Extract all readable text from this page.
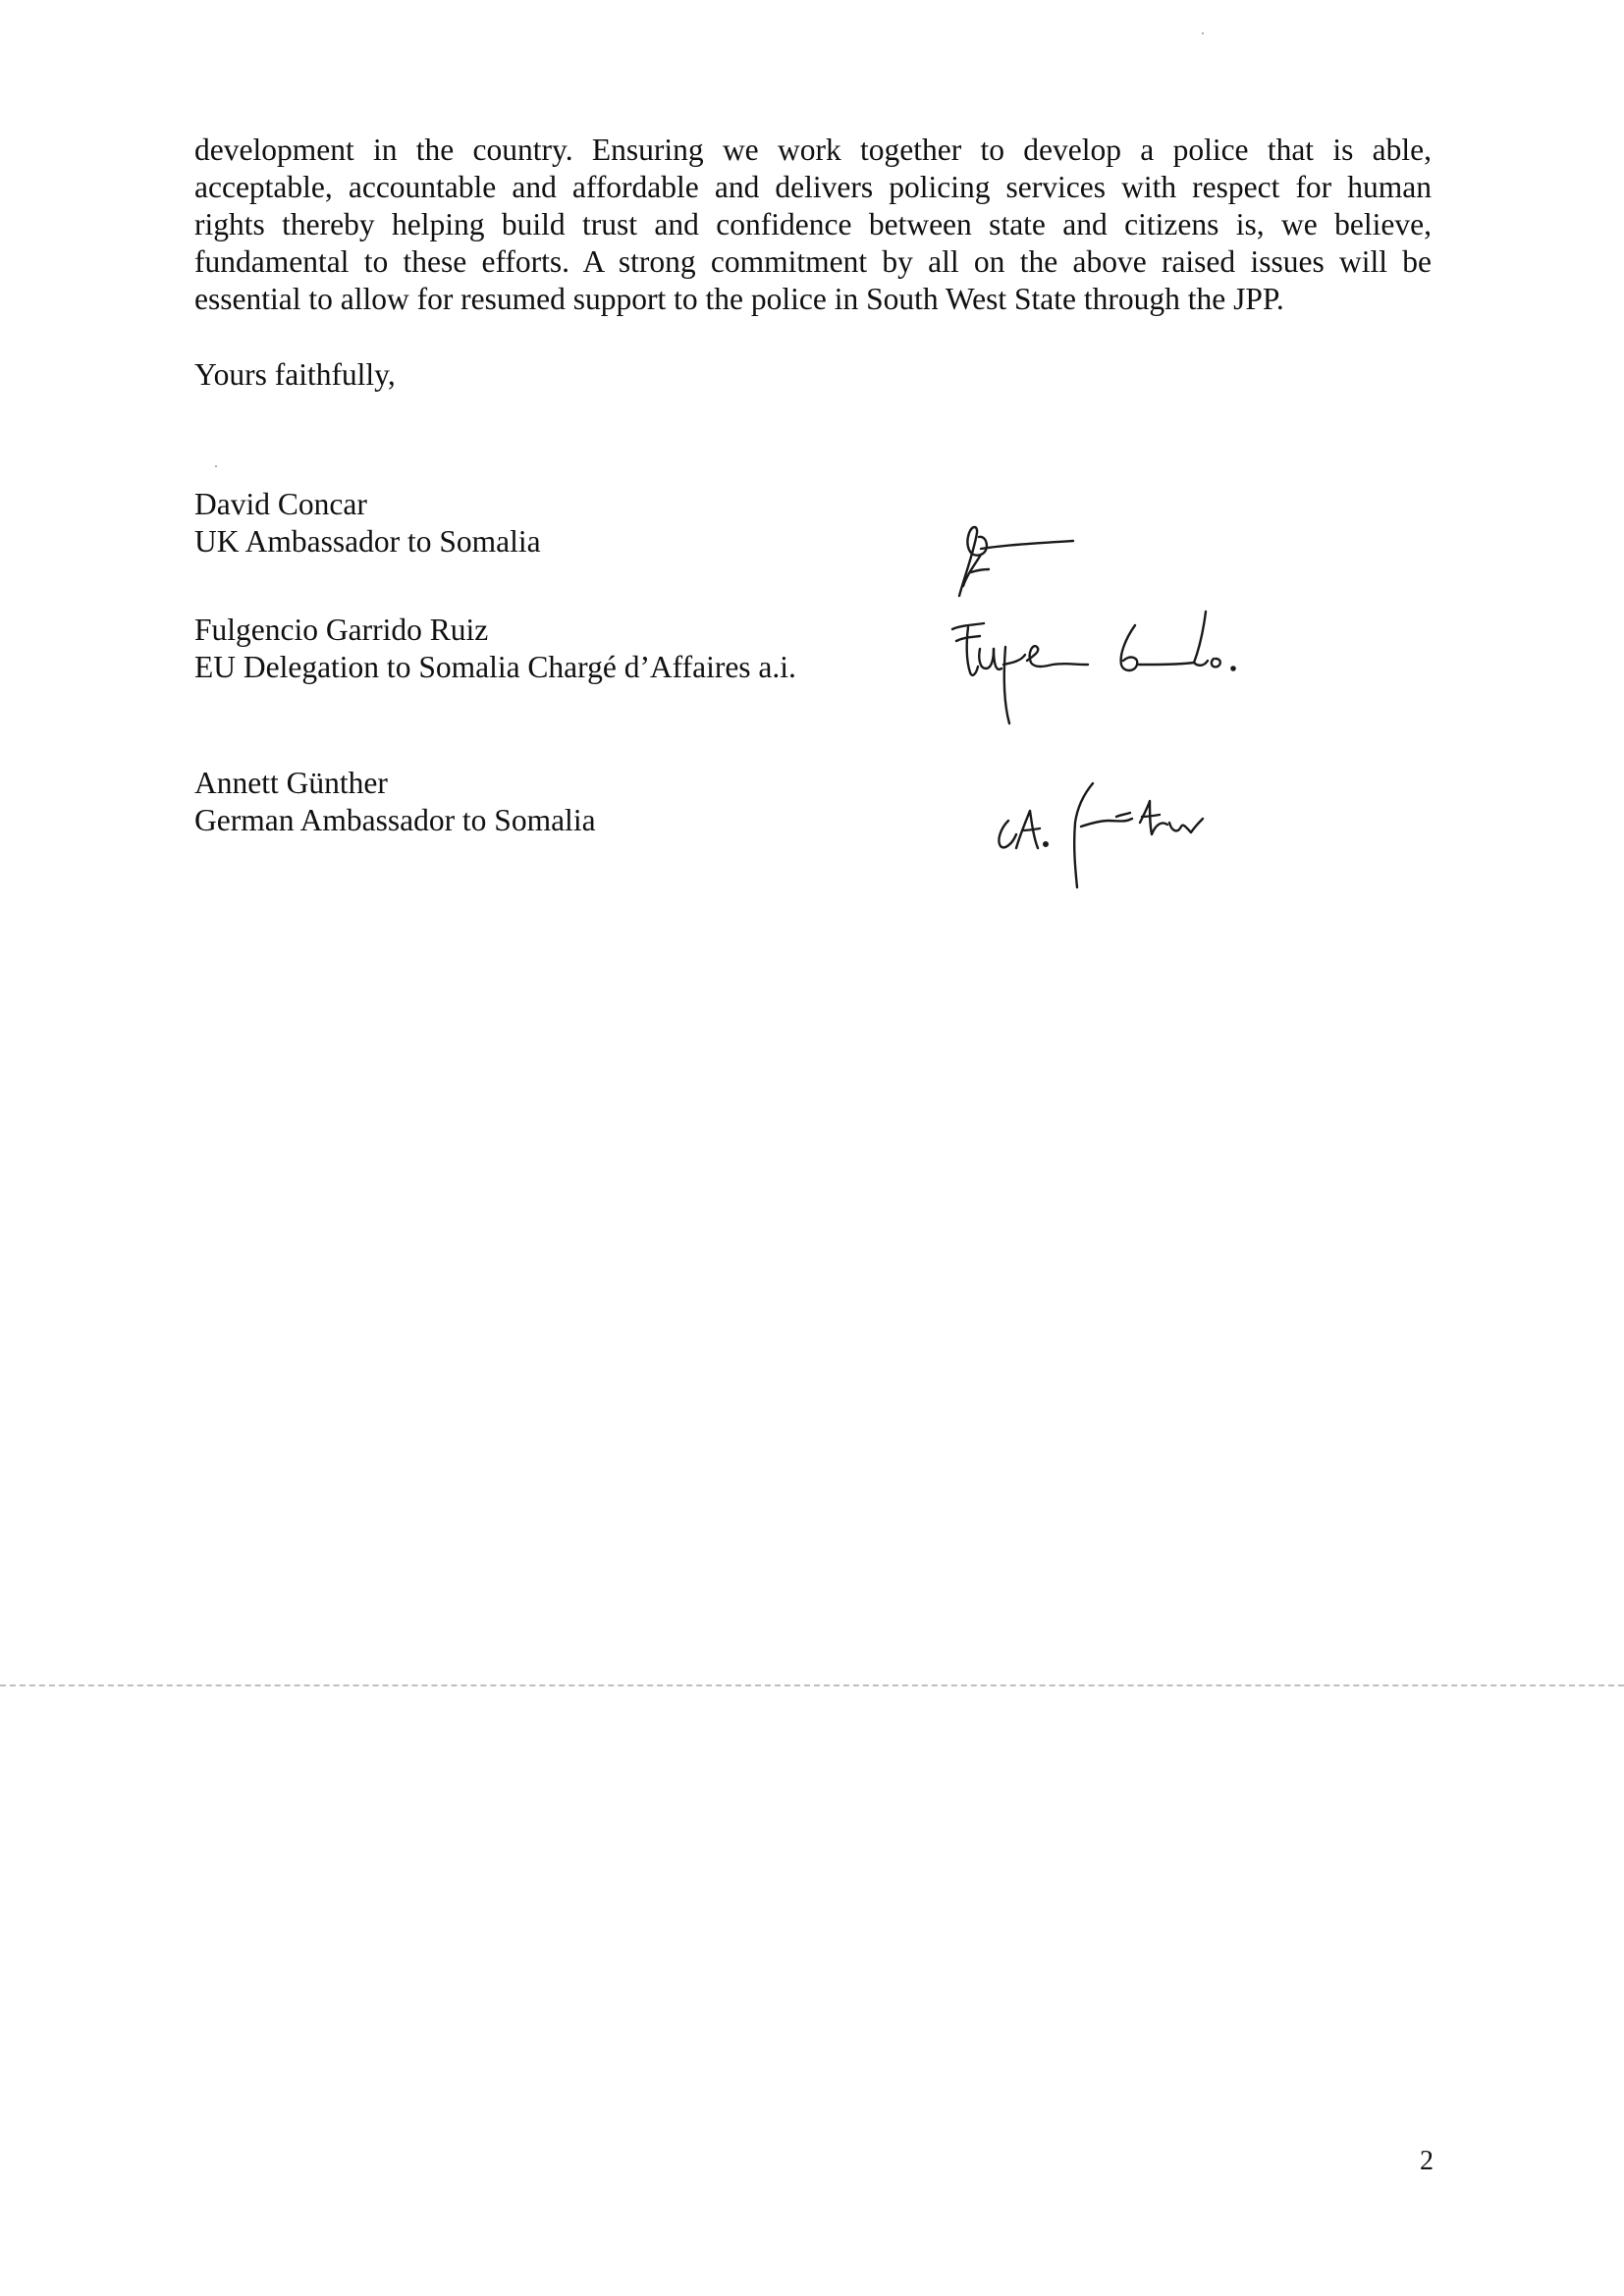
development in the country. Ensuring we work together to develop a police that is able,
acceptable, accountable and affordable and delivers policing services with respect for human
rights thereby helping build trust and confidence between state and citizens is, we believe,
fundamental to these efforts. A strong commitment by all on the above raised issues will be
essential to allow for resumed support to the police in South West State through the JPP.
Yours faithfully,
David Concar
UK Ambassador to Somalia
Fulgencio Garrido Ruiz
EU Delegation to Somalia Chargé d’Affaires a.i.
Annett Günther
German Ambassador to Somalia
2
